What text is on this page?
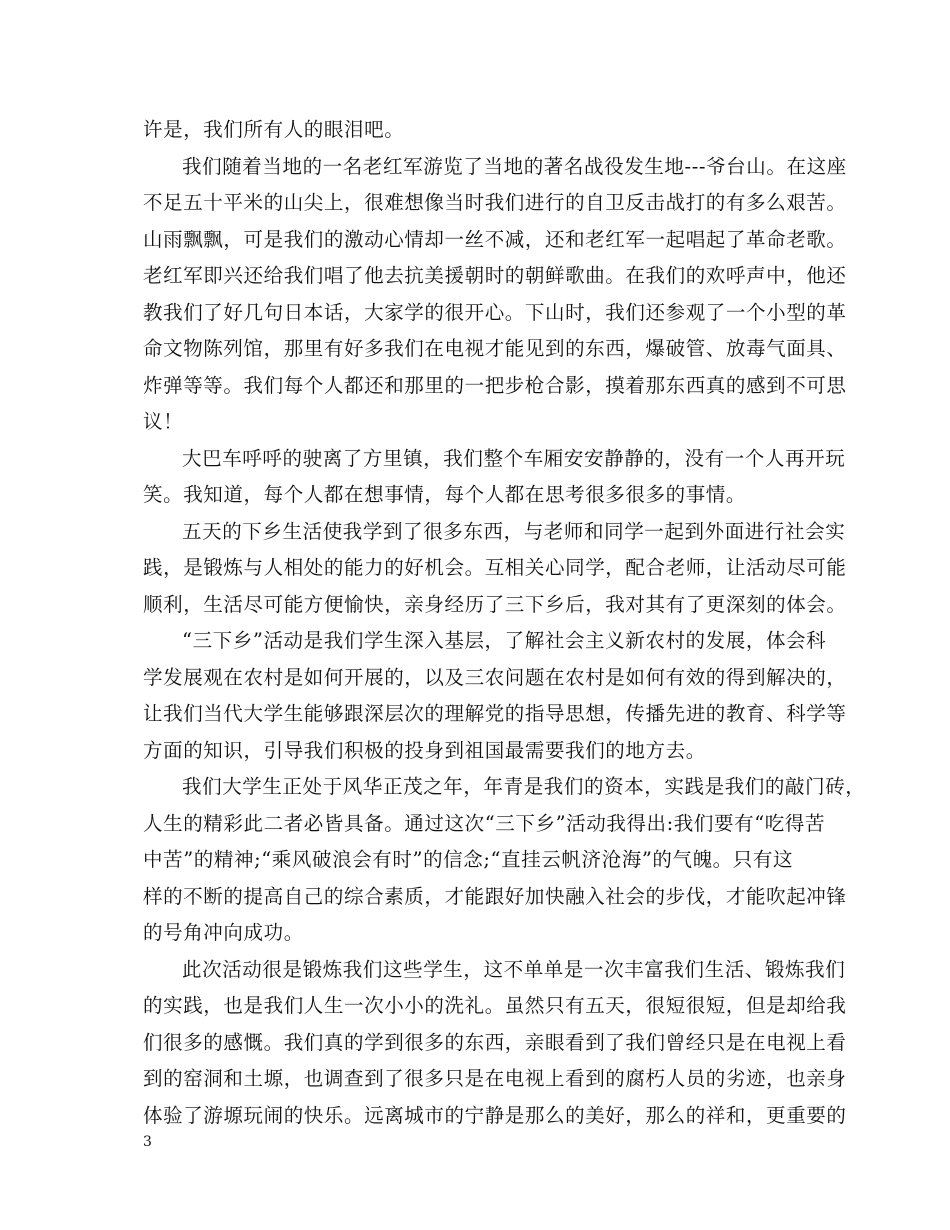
许是，我们所有人的眼泪吧。
我们随着当地的一名老红军游览了当地的著名战役发生地---爷台山。在这座
不足五十平米的山尖上，很难想像当时我们进行的自卫反击战打的有多么艰苦。
山雨飘飘，可是我们的激动心情却一丝不减，还和老红军一起唱起了革命老歌。
老红军即兴还给我们唱了他去抗美援朝时的朝鲜歌曲。在我们的欢呼声中，他还
教我们了好几句日本话，大家学的很开心。下山时，我们还参观了一个小型的革
命文物陈列馆，那里有好多我们在电视才能见到的东西，爆破管、放毒气面具、
炸弹等等。我们每个人都还和那里的一把步枪合影，摸着那东西真的感到不可思
议！
大巴车呼呼的驶离了方里镇，我们整个车厢安安静静的，没有一个人再开玩
笑。我知道，每个人都在想事情，每个人都在思考很多很多的事情。
五天的下乡生活使我学到了很多东西，与老师和同学一起到外面进行社会实
践，是锻炼与人相处的能力的好机会。互相关心同学，配合老师，让活动尽可能
顺利，生活尽可能方便愉快，亲身经历了三下乡后，我对其有了更深刻的体会。
“三下乡”活动是我们学生深入基层，了解社会主义新农村的发展，体会科
学发展观在农村是如何开展的，以及三农问题在农村是如何有效的得到解决的，
让我们当代大学生能够跟深层次的理解党的指导思想，传播先进的教育、科学等
方面的知识，引导我们积极的投身到祖国最需要我们的地方去。
我们大学生正处于风华正茂之年，年青是我们的资本，实践是我们的敲门砖，
人生的精彩此二者必皆具备。通过这次“三下乡”活动我得出:我们要有“吃得苦
中苦”的精神;“乘风破浪会有时”的信念;“直挂云帆济沧海”的气魄。只有这
样的不断的提高自己的综合素质，才能跟好加快融入社会的步伐，才能吹起冲锋
的号角冲向成功。
此次活动很是锻炼我们这些学生，这不单单是一次丰富我们生活、锻炼我们
的实践，也是我们人生一次小小的洗礼。虽然只有五天，很短很短，但是却给我
们很多的感慨。我们真的学到很多的东西，亲眼看到了我们曾经只是在电视上看
到的窑洞和土塬，也调查到了很多只是在电视上看到的腐朽人员的劣迹，也亲身
体验了游塬玩闹的快乐。远离城市的宁静是那么的美好，那么的祥和，更重要的
3
